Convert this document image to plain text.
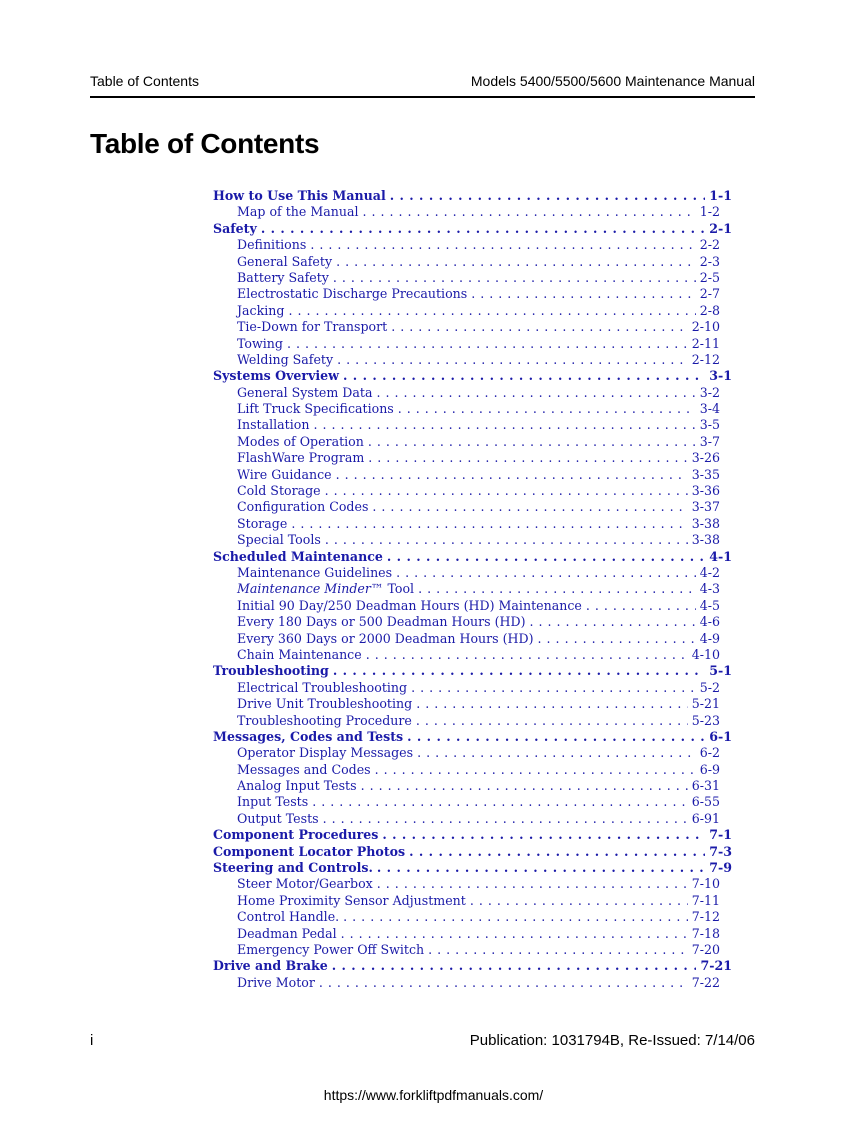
Table of Contents	Models 5400/5500/5600 Maintenance Manual
Table of Contents
How to Use This Manual . . .	1-1
Map of the Manual . . .	1-2
Safety . . .	2-1
Definitions . . .	2-2
General Safety . . .	2-3
Battery Safety . . .	2-5
Electrostatic Discharge Precautions . . .	2-7
Jacking . . .	2-8
Tie-Down for Transport . . .	2-10
Towing . . .	2-11
Welding Safety . . .	2-12
Systems Overview . . .	3-1
General System Data . . .	3-2
Lift Truck Specifications . . .	3-4
Installation . . .	3-5
Modes of Operation . . .	3-7
FlashWare Program . . .	3-26
Wire Guidance . . .	3-35
Cold Storage . . .	3-36
Configuration Codes . . .	3-37
Storage . . .	3-38
Special Tools . . .	3-38
Scheduled Maintenance . . .	4-1
Maintenance Guidelines . . .	4-2
Maintenance Minder™ Tool . . .	4-3
Initial 90 Day/250 Deadman Hours (HD) Maintenance . . .	4-5
Every 180 Days or 500 Deadman Hours (HD) . . .	4-6
Every 360 Days or 2000 Deadman Hours (HD) . . .	4-9
Chain Maintenance . . .	4-10
Troubleshooting . . .	5-1
Electrical Troubleshooting . . .	5-2
Drive Unit Troubleshooting . . .	5-21
Troubleshooting Procedure . . .	5-23
Messages, Codes and Tests . . .	6-1
Operator Display Messages . . .	6-2
Messages and Codes . . .	6-9
Analog Input Tests . . .	6-31
Input Tests . . .	6-55
Output Tests . . .	6-91
Component Procedures . . .	7-1
Component Locator Photos . . .	7-3
Steering and Controls. . . .	7-9
Steer Motor/Gearbox . . .	7-10
Home Proximity Sensor Adjustment . . .	7-11
Control Handle. . . .	7-12
Deadman Pedal . . .	7-18
Emergency Power Off Switch . . .	7-20
Drive and Brake . . .	7-21
Drive Motor . . .	7-22
i	Publication: 1031794B, Re-Issued: 7/14/06
https://www.forkliftpdfmanuals.com/
